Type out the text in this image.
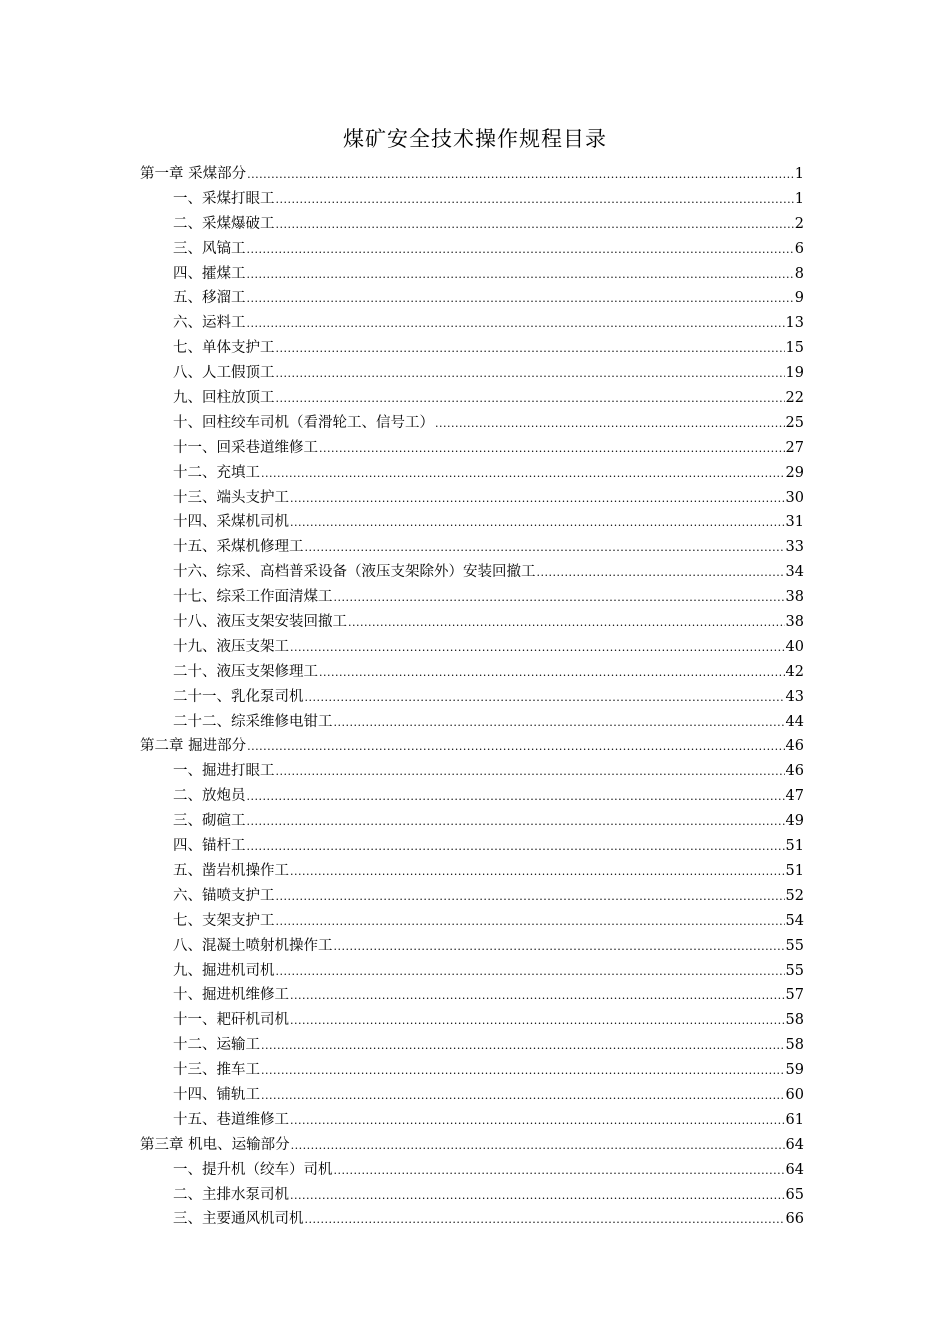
煤矿安全技术操作规程目录
第一章 采煤部分 .....	1
一、采煤打眼工 .....	1
二、采煤爆破工 .....	2
三、风镐工 .....	6
四、攉煤工 .....	8
五、移溜工 .....	9
六、运料工 .....	13
七、单体支护工 .....	15
八、人工假顶工 .....	19
九、回柱放顶工 .....	22
十、回柱绞车司机（看滑轮工、信号工） .....	25
十一、回采巷道维修工 .....	27
十二、充填工 .....	29
十三、端头支护工 .....	30
十四、采煤机司机 .....	31
十五、采煤机修理工 .....	33
十六、综采、高档普采设备（液压支架除外）安装回撤工 .....	34
十七、综采工作面清煤工 .....	38
十八、液压支架安装回撤工 .....	38
十九、液压支架工 .....	40
二十、液压支架修理工 .....	42
二十一、乳化泵司机 .....	43
二十二、综采维修电钳工 .....	44
第二章 掘进部分 .....	46
一、掘进打眼工 .....	46
二、放炮员 .....	47
三、砌碹工 .....	49
四、锚杆工 .....	51
五、凿岩机操作工 .....	51
六、锚喷支护工 .....	52
七、支架支护工 .....	54
八、混凝土喷射机操作工 .....	55
九、掘进机司机 .....	55
十、掘进机维修工 .....	57
十一、耙矸机司机 .....	58
十二、运输工 .....	58
十三、推车工 .....	59
十四、铺轨工 .....	60
十五、巷道维修工 .....	61
第三章 机电、运输部分 .....	64
一、提升机（绞车）司机 .....	64
二、主排水泵司机 .....	65
三、主要通风机司机 .....	66
